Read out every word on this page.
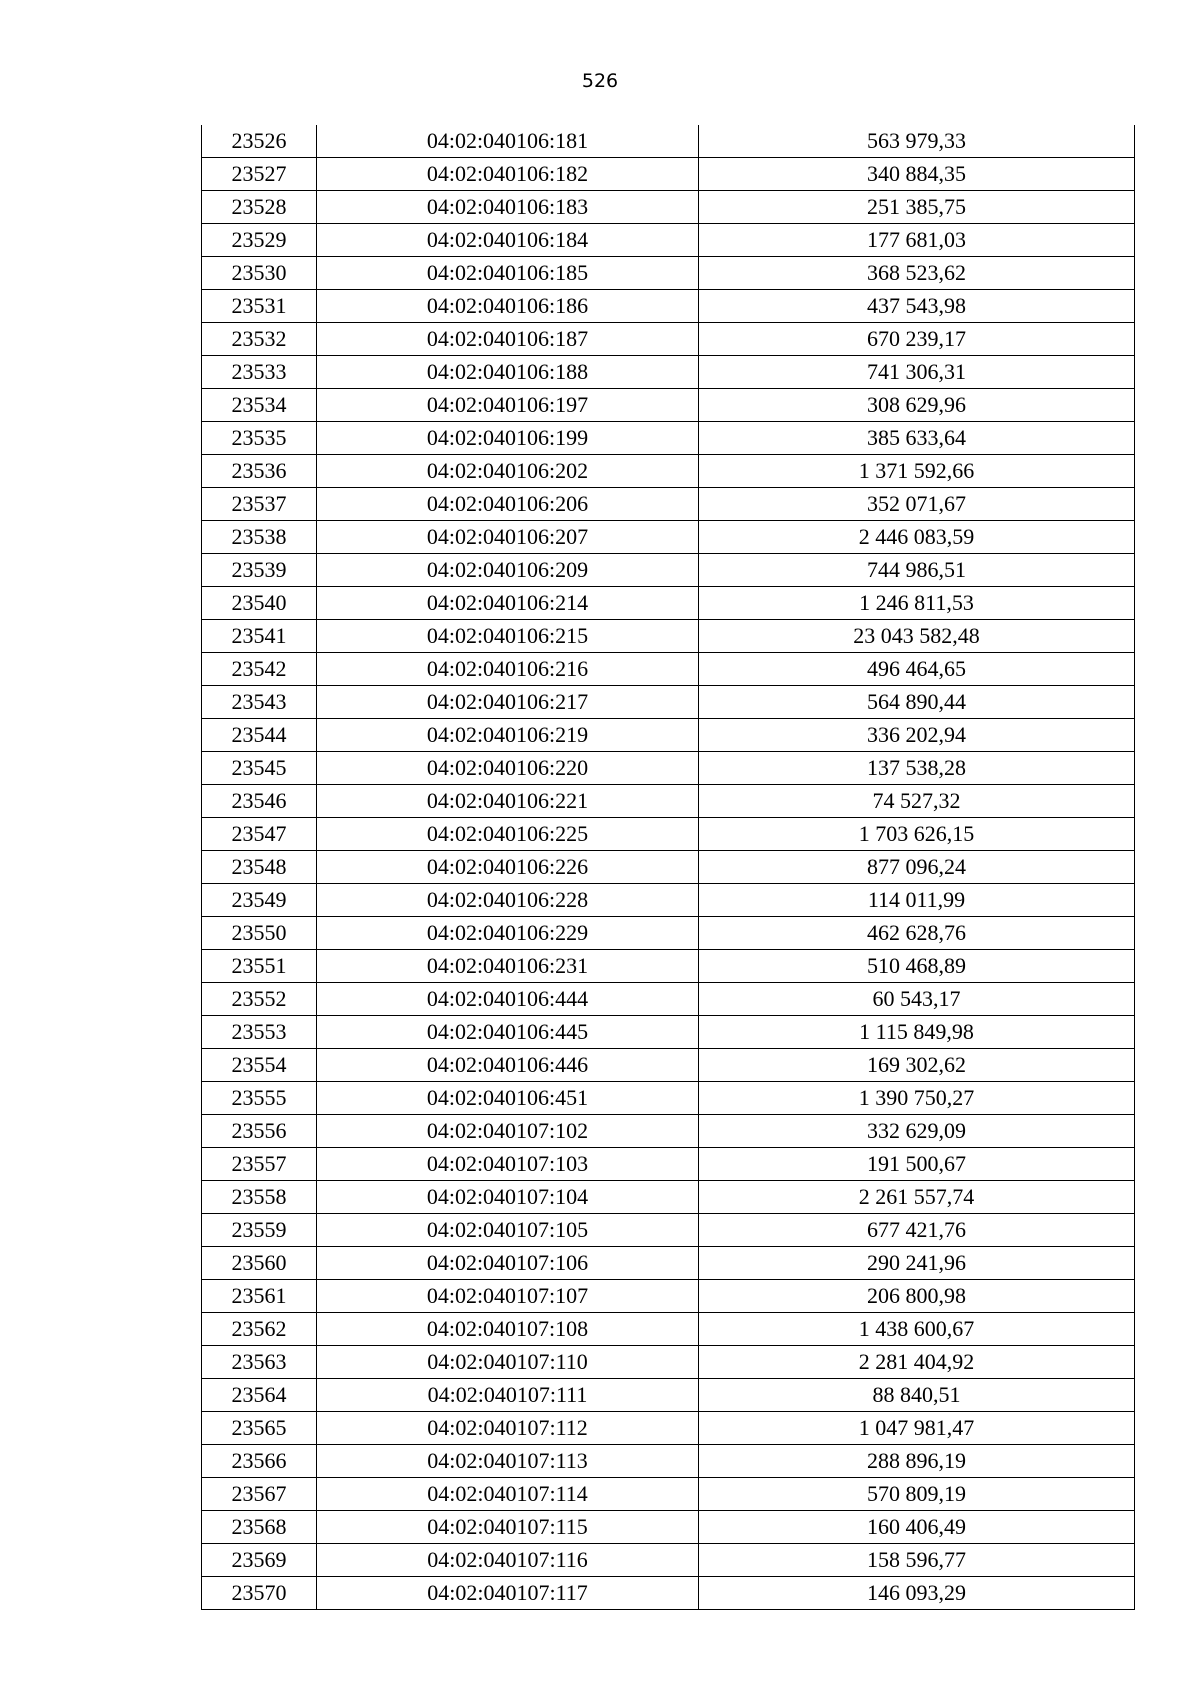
526
23526	04:02:040106:181	563 979,33
23527	04:02:040106:182	340 884,35
23528	04:02:040106:183	251 385,75
23529	04:02:040106:184	177 681,03
23530	04:02:040106:185	368 523,62
23531	04:02:040106:186	437 543,98
23532	04:02:040106:187	670 239,17
23533	04:02:040106:188	741 306,31
23534	04:02:040106:197	308 629,96
23535	04:02:040106:199	385 633,64
23536	04:02:040106:202	1 371 592,66
23537	04:02:040106:206	352 071,67
23538	04:02:040106:207	2 446 083,59
23539	04:02:040106:209	744 986,51
23540	04:02:040106:214	1 246 811,53
23541	04:02:040106:215	23 043 582,48
23542	04:02:040106:216	496 464,65
23543	04:02:040106:217	564 890,44
23544	04:02:040106:219	336 202,94
23545	04:02:040106:220	137 538,28
23546	04:02:040106:221	74 527,32
23547	04:02:040106:225	1 703 626,15
23548	04:02:040106:226	877 096,24
23549	04:02:040106:228	114 011,99
23550	04:02:040106:229	462 628,76
23551	04:02:040106:231	510 468,89
23552	04:02:040106:444	60 543,17
23553	04:02:040106:445	1 115 849,98
23554	04:02:040106:446	169 302,62
23555	04:02:040106:451	1 390 750,27
23556	04:02:040107:102	332 629,09
23557	04:02:040107:103	191 500,67
23558	04:02:040107:104	2 261 557,74
23559	04:02:040107:105	677 421,76
23560	04:02:040107:106	290 241,96
23561	04:02:040107:107	206 800,98
23562	04:02:040107:108	1 438 600,67
23563	04:02:040107:110	2 281 404,92
23564	04:02:040107:111	88 840,51
23565	04:02:040107:112	1 047 981,47
23566	04:02:040107:113	288 896,19
23567	04:02:040107:114	570 809,19
23568	04:02:040107:115	160 406,49
23569	04:02:040107:116	158 596,77
23570	04:02:040107:117	146 093,29
